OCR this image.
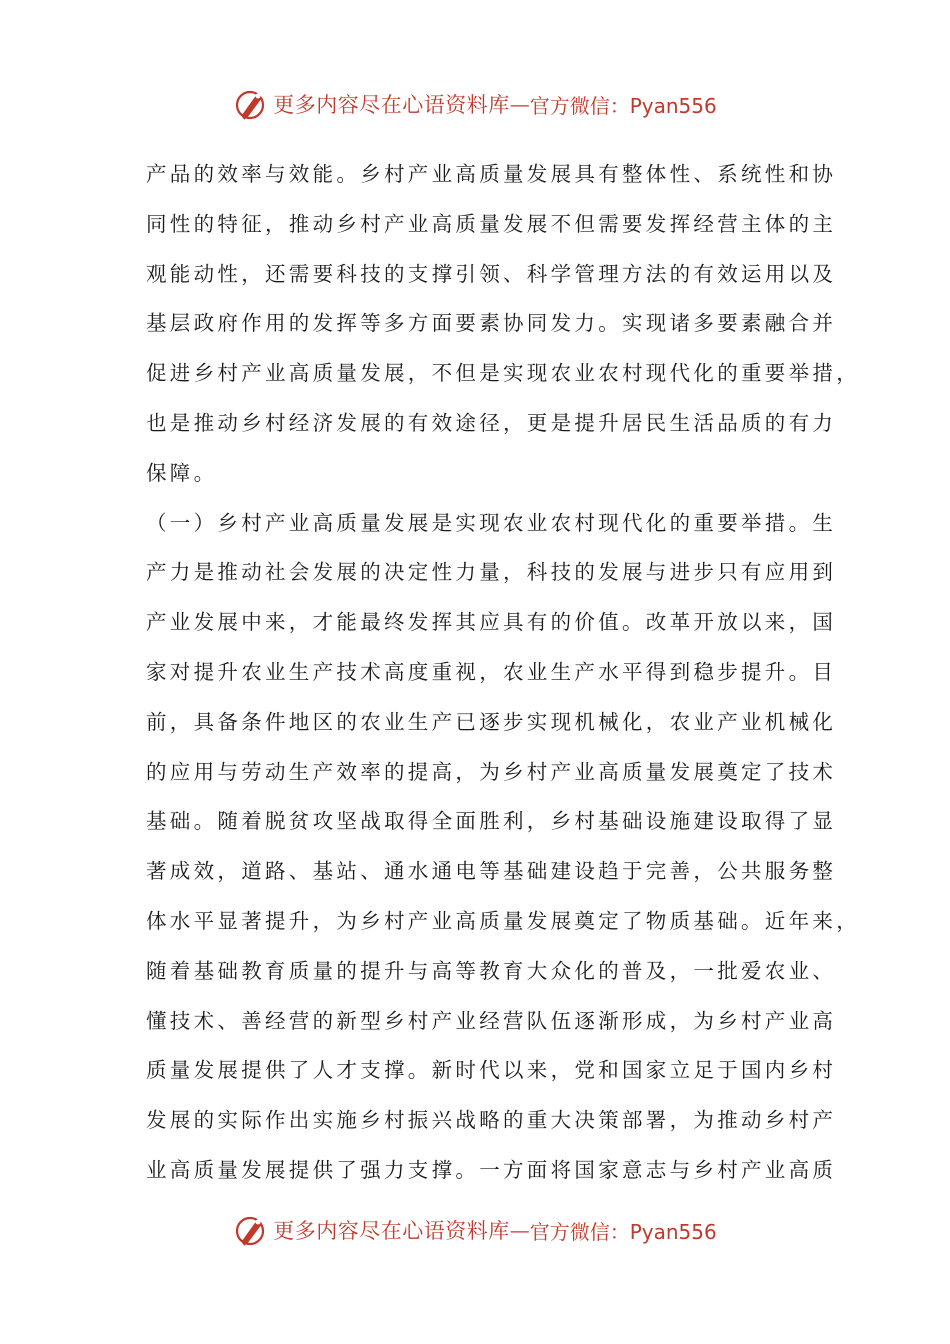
更多内容尽在心语资料库 — 官方微信：Pyan556
产品的效率与效能。乡村产业高质量发展具有整体性、系统性和协
同性的特征，推动乡村产业高质量发展不但需要发挥经营主体的主
观能动性，还需要科技的支撑引领、科学管理方法的有效运用以及
基层政府作用的发挥等多方面要素协同发力。实现诸多要素融合并
促进乡村产业高质量发展，不但是实现农业农村现代化的重要举措，
也是推动乡村经济发展的有效途径，更是提升居民生活品质的有力
保障。
（一）乡村产业高质量发展是实现农业农村现代化的重要举措。生
产力是推动社会发展的决定性力量，科技的发展与进步只有应用到
产业发展中来，才能最终发挥其应具有的价值。改革开放以来，国
家对提升农业生产技术高度重视，农业生产水平得到稳步提升。目
前，具备条件地区的农业生产已逐步实现机械化，农业产业机械化
的应用与劳动生产效率的提高，为乡村产业高质量发展奠定了技术
基础。随着脱贫攻坚战取得全面胜利，乡村基础设施建设取得了显
著成效，道路、基站、通水通电等基础建设趋于完善，公共服务整
体水平显著提升，为乡村产业高质量发展奠定了物质基础。近年来，
随着基础教育质量的提升与高等教育大众化的普及，一批爱农业、
懂技术、善经营的新型乡村产业经营队伍逐渐形成，为乡村产业高
质量发展提供了人才支撑。新时代以来，党和国家立足于国内乡村
发展的实际作出实施乡村振兴战略的重大决策部署，为推动乡村产
业高质量发展提供了强力支撑。一方面将国家意志与乡村产业高质
更多内容尽在心语资料库 — 官方微信：Pyan556
